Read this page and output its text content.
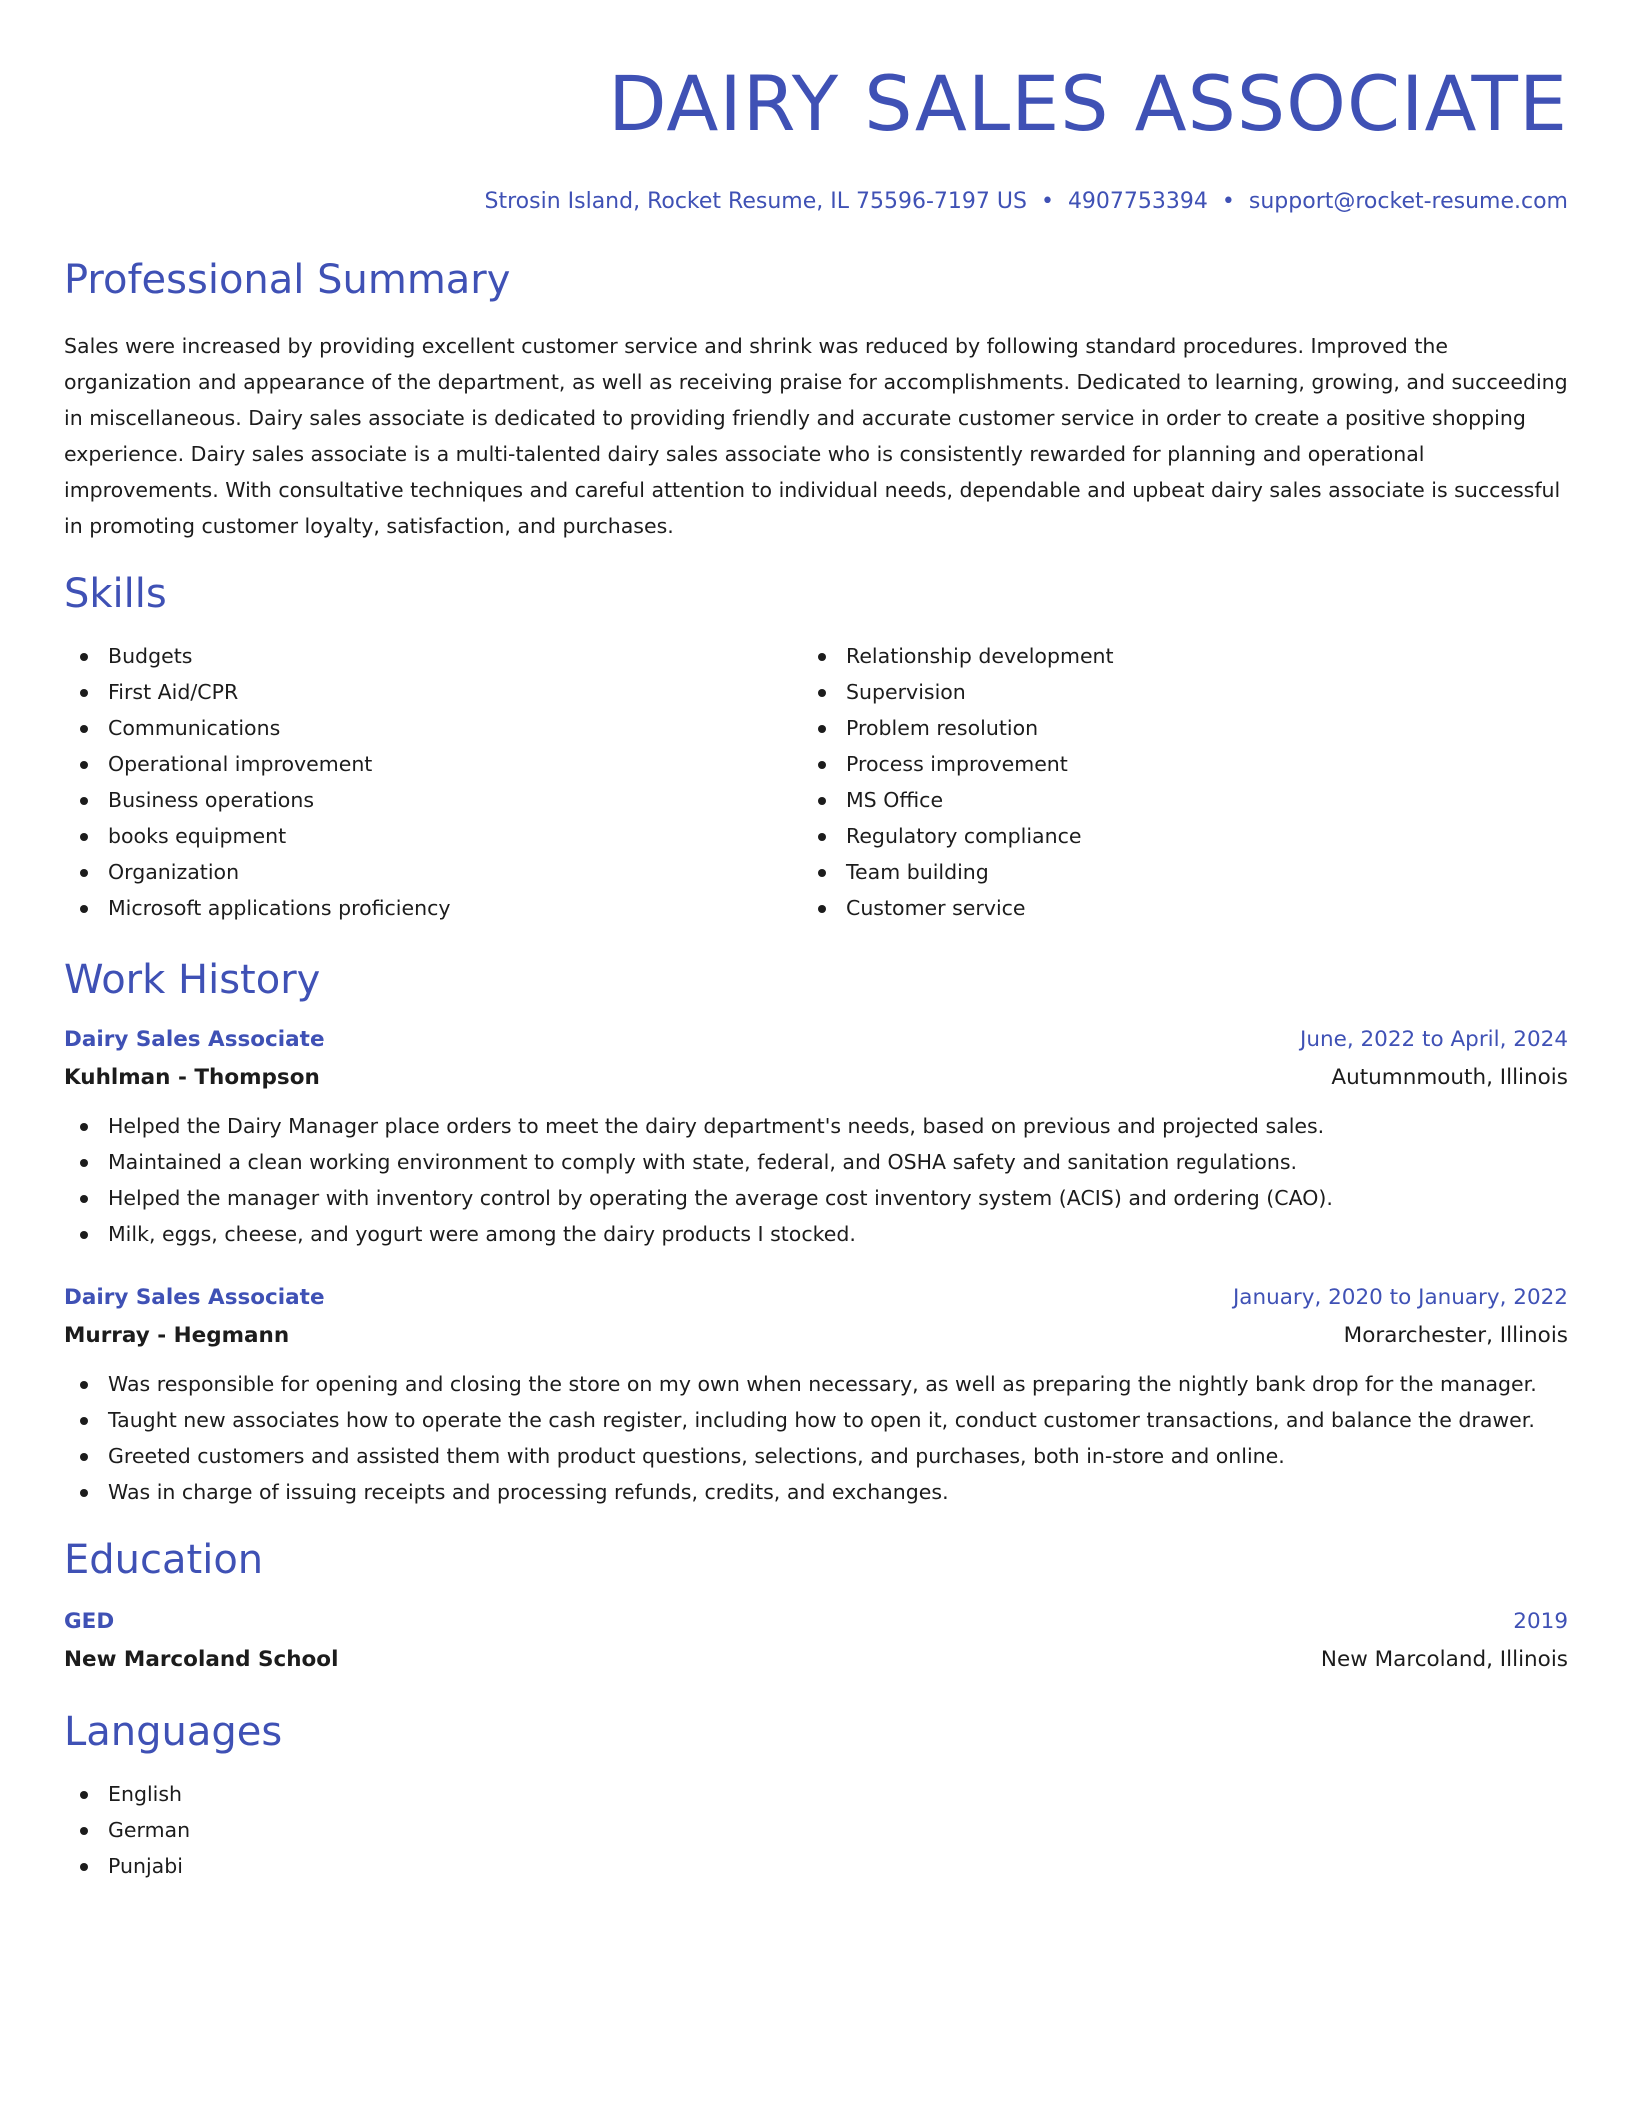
DAIRY SALES ASSOCIATE
Strosin Island, Rocket Resume, IL 75596-7197 US • 4907753394 • support@rocket-resume.com
Professional Summary

Sales were increased by providing excellent customer service and shrink was reduced by following standard procedures. Improved the organization and appearance of the department, as well as receiving praise for accomplishments. Dedicated to learning, growing, and succeeding in miscellaneous. Dairy sales associate is dedicated to providing friendly and accurate customer service in order to create a positive shopping experience. Dairy sales associate is a multi-talented dairy sales associate who is consistently rewarded for planning and operational improvements. With consultative techniques and careful attention to individual needs, dependable and upbeat dairy sales associate is successful in promoting customer loyalty, satisfaction, and purchases.

Skills
Budgets
First Aid/CPR
Communications
Operational improvement
Business operations
books equipment
Organization
Microsoft applications proficiency
Relationship development
Supervision
Problem resolution
Process improvement
MS Office
Regulatory compliance
Team building
Customer service
Work History
Dairy Sales Associate	June, 2022 to April, 2024
Kuhlman - Thompson	Autumnmouth, Illinois
Helped the Dairy Manager place orders to meet the dairy department's needs, based on previous and projected sales.
Maintained a clean working environment to comply with state, federal, and OSHA safety and sanitation regulations.
Helped the manager with inventory control by operating the average cost inventory system (ACIS) and ordering (CAO).
Milk, eggs, cheese, and yogurt were among the dairy products I stocked.
Dairy Sales Associate	January, 2020 to January, 2022
Murray - Hegmann	Morarchester, Illinois
Was responsible for opening and closing the store on my own when necessary, as well as preparing the nightly bank drop for the manager.
Taught new associates how to operate the cash register, including how to open it, conduct customer transactions, and balance the drawer.
Greeted customers and assisted them with product questions, selections, and purchases, both in-store and online.
Was in charge of issuing receipts and processing refunds, credits, and exchanges.
Education
GED	2019
New Marcoland School	New Marcoland, Illinois
Languages
English
German
Punjabi
